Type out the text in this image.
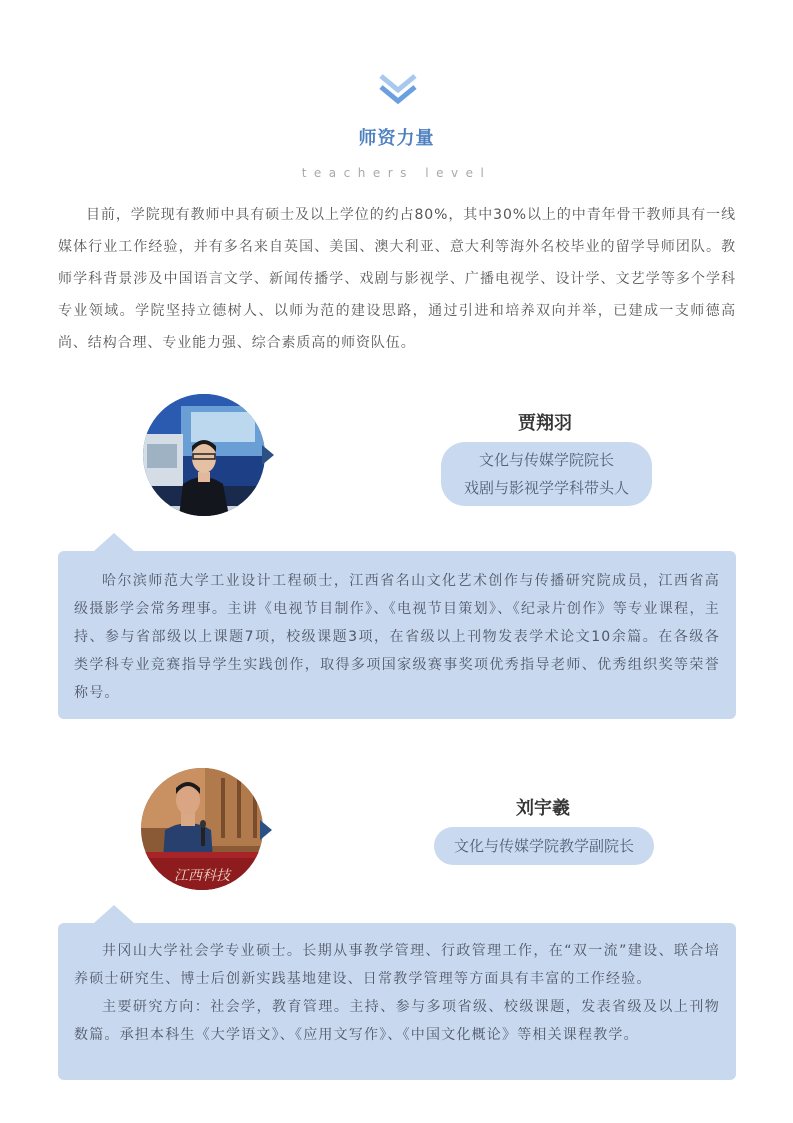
师资力量
teachers level

目前，学院现有教师中具有硕士及以上学位的约占80%，其中30%以上的中青年骨干教师具有一线媒体行业工作经验，并有多名来自英国、美国、澳大利亚、意大利等海外名校毕业的留学导师团队。教师学科背景涉及中国语言文学、新闻传播学、戏剧与影视学、广播电视学、设计学、文艺学等多个学科专业领域。学院坚持立德树人、以师为范的建设思路，通过引进和培养双向并举，已建成一支师德高尚、结构合理、专业能力强、综合素质高的师资队伍。

贾翔羽
文化与传媒学院院长
戏剧与影视学学科带头人

哈尔滨师范大学工业设计工程硕士，江西省名山文化艺术创作与传播研究院成员，江西省高级摄影学会常务理事。主讲《电视节目制作》、《电视节目策划》、《纪录片创作》等专业课程，主持、参与省部级以上课题7项，校级课题3项，在省级以上刊物发表学术论文10余篇。在各级各类学科专业竞赛指导学生实践创作，取得多项国家级赛事奖项优秀指导老师、优秀组织奖等荣誉称号。

江西科技
刘宇羲
文化与传媒学院教学副院长

井冈山大学社会学专业硕士。长期从事教学管理、行政管理工作，在“双一流”建设、联合培养硕士研究生、博士后创新实践基地建设、日常教学管理等方面具有丰富的工作经验。

主要研究方向：社会学，教育管理。主持、参与多项省级、校级课题，发表省级及以上刊物数篇。承担本科生《大学语文》、《应用文写作》、《中国文化概论》等相关课程教学。
